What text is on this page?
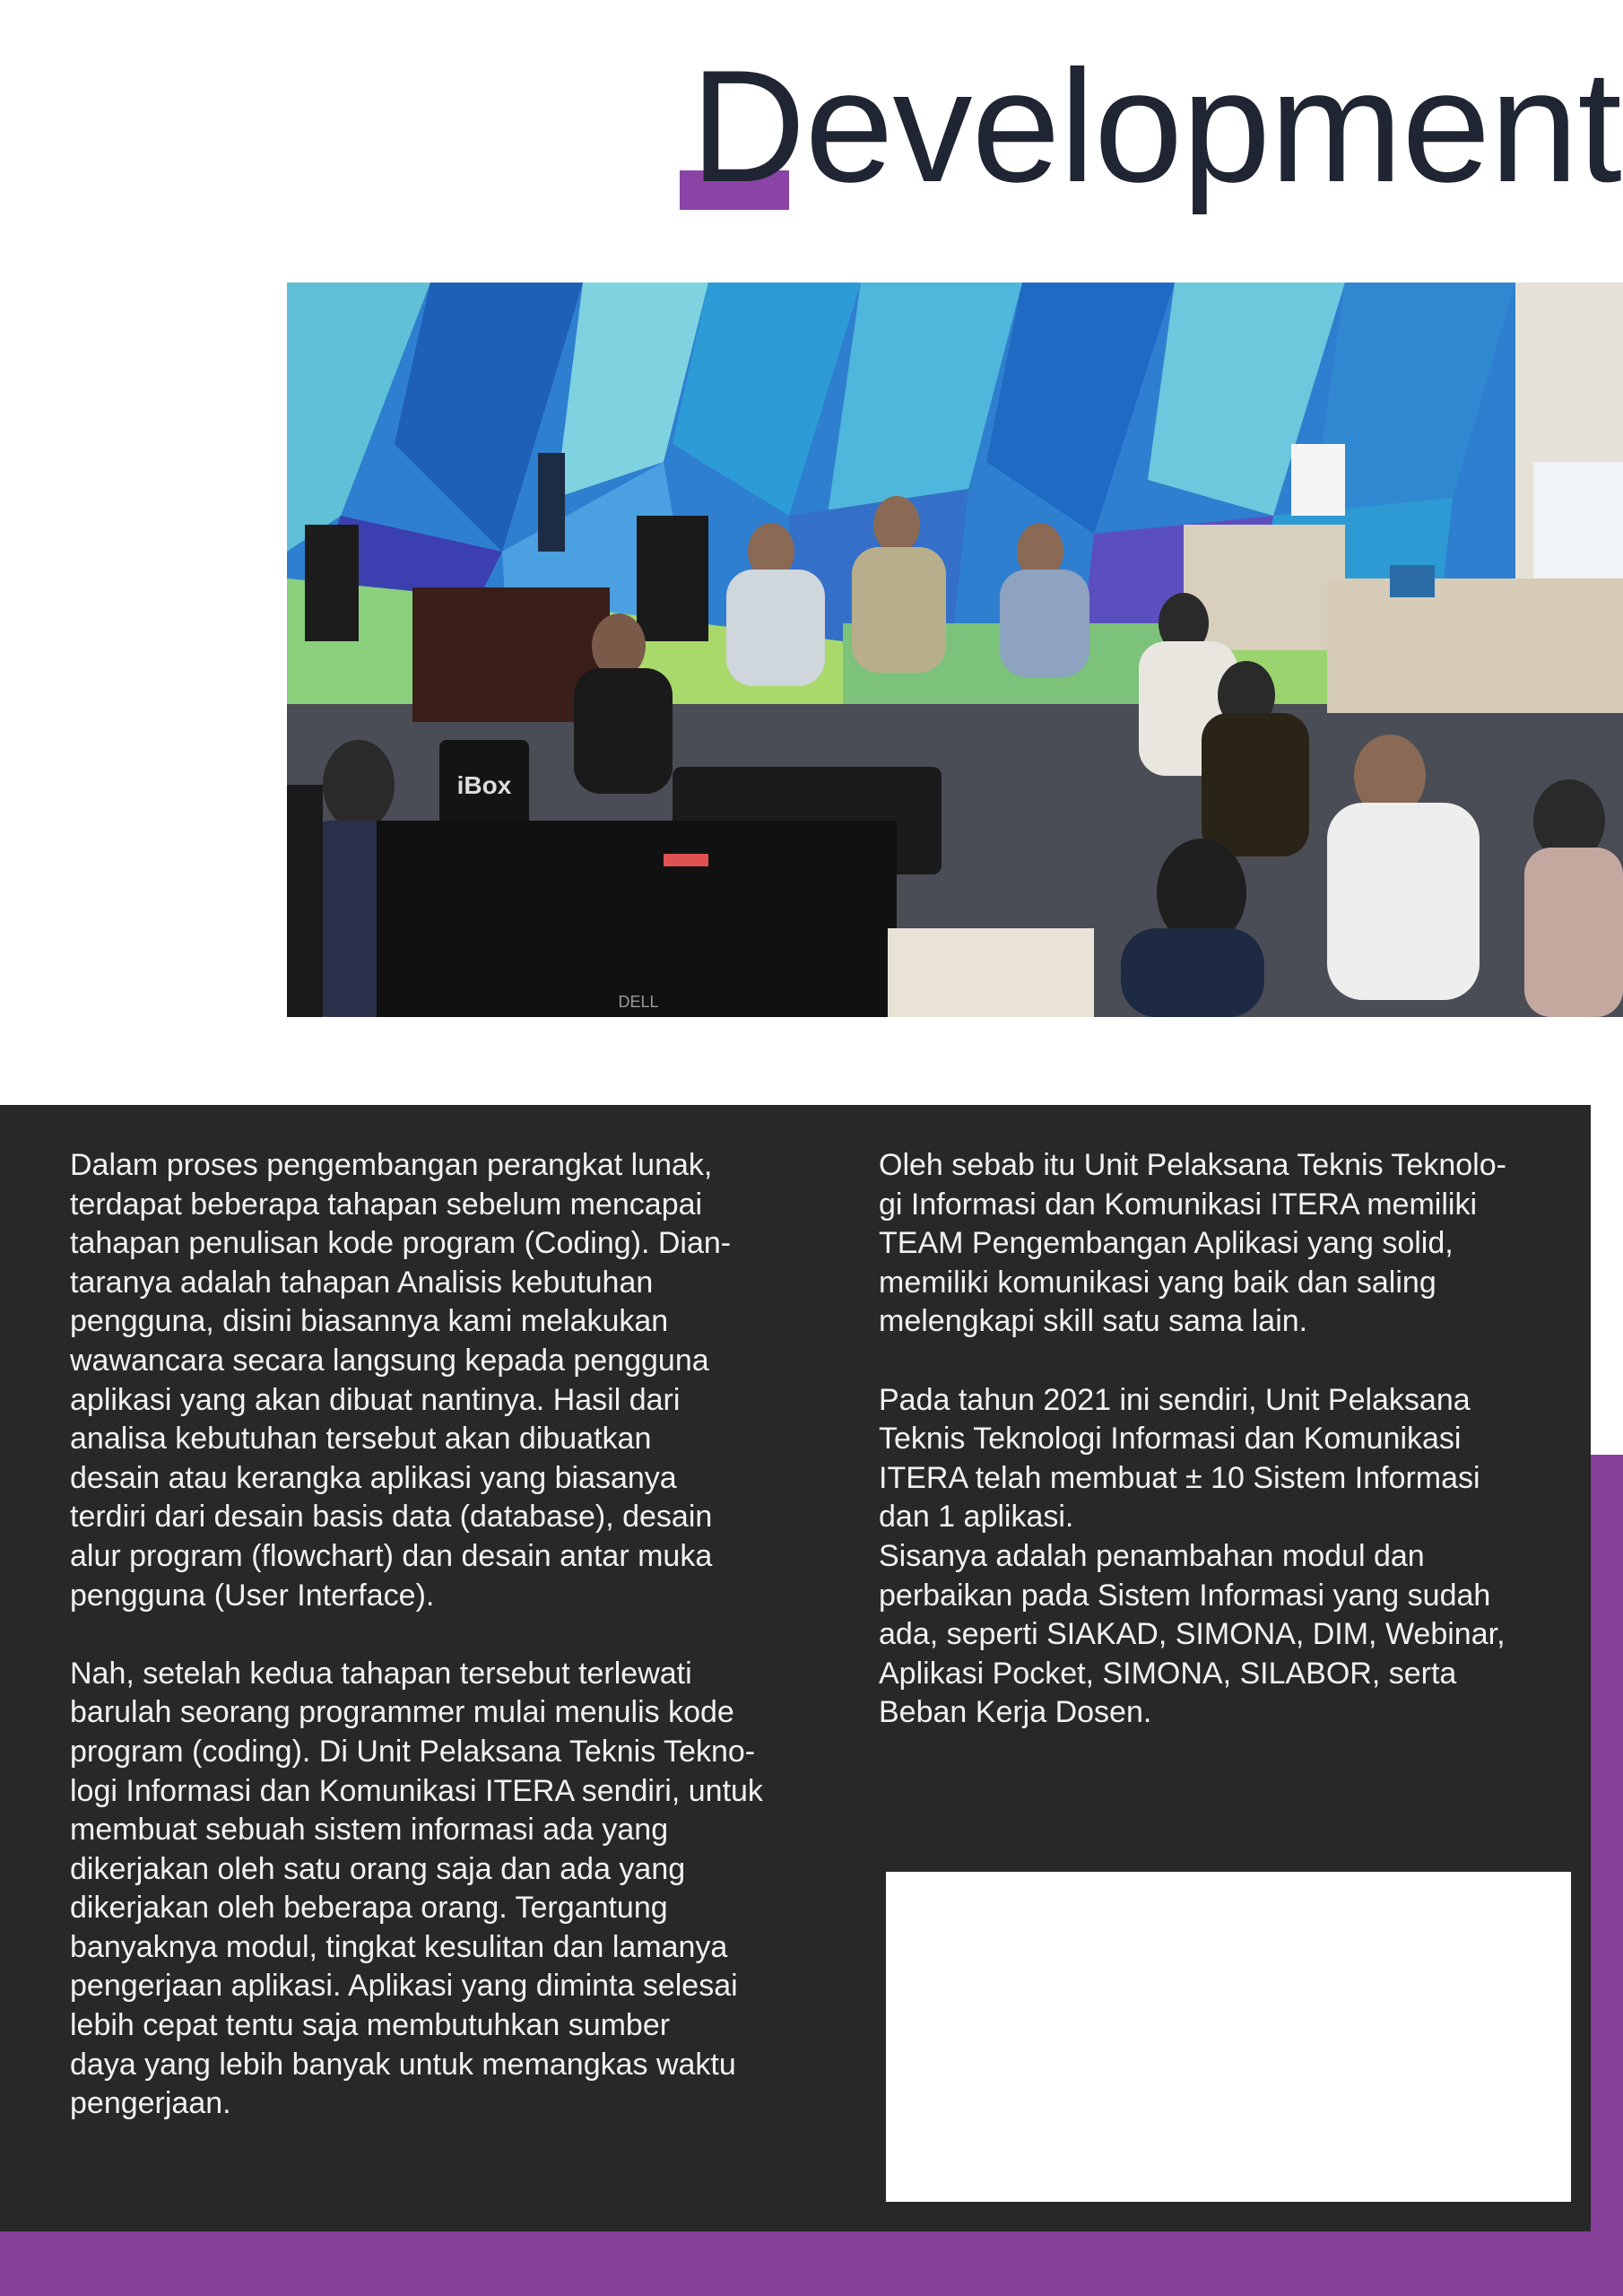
Development
iBox
DELL

Dalam proses pengembangan perangkat lunak,
terdapat beberapa tahapan sebelum mencapai
tahapan penulisan kode program (Coding). Dian-
taranya adalah tahapan Analisis kebutuhan
pengguna, disini biasannya kami melakukan
wawancara secara langsung kepada pengguna
aplikasi yang akan dibuat nantinya. Hasil dari
analisa kebutuhan tersebut akan dibuatkan
desain atau kerangka aplikasi yang biasanya
terdiri dari desain basis data (database), desain
alur program (flowchart) dan desain antar muka
pengguna (User Interface).

Nah, setelah kedua tahapan tersebut terlewati
barulah seorang programmer mulai menulis kode
program (coding). Di Unit Pelaksana Teknis Tekno-
logi Informasi dan Komunikasi ITERA sendiri, untuk
membuat sebuah sistem informasi ada yang
dikerjakan oleh satu orang saja dan ada yang
dikerjakan oleh beberapa orang. Tergantung
banyaknya modul, tingkat kesulitan dan lamanya
pengerjaan aplikasi. Aplikasi yang diminta selesai
lebih cepat tentu saja membutuhkan sumber
daya yang lebih banyak untuk memangkas waktu
pengerjaan.

Oleh sebab itu Unit Pelaksana Teknis Teknolo-
gi Informasi dan Komunikasi ITERA memiliki
TEAM Pengembangan Aplikasi yang solid,
memiliki komunikasi yang baik dan saling
melengkapi skill satu sama lain.

Pada tahun 2021 ini sendiri, Unit Pelaksana
Teknis Teknologi Informasi dan Komunikasi
ITERA telah membuat ± 10 Sistem Informasi
dan 1 aplikasi.

Sisanya adalah penambahan modul dan
perbaikan pada Sistem Informasi yang sudah
ada, seperti SIAKAD, SIMONA, DIM, Webinar,
Aplikasi Pocket, SIMONA, SILABOR, serta
Beban Kerja Dosen.
